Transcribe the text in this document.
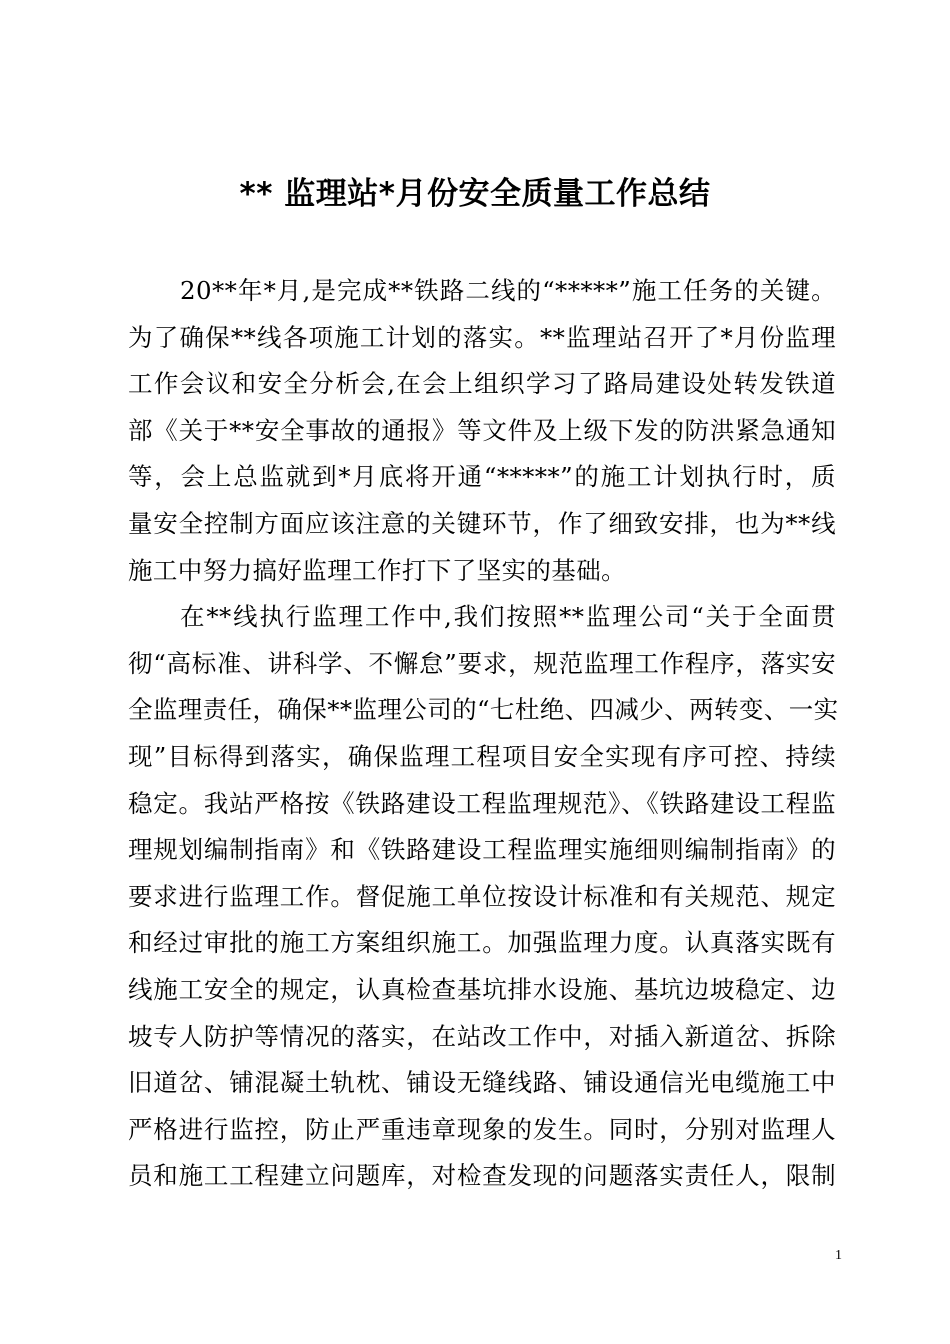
** 监理站*月份安全质量工作总结
20**年*月,是完成**铁路二线的“*****”施工任务的关键。
为了确保**线各项施工计划的落实。**监理站召开了*月份监理
工作会议和安全分析会,在会上组织学习了路局建设处转发铁道
部《关于**安全事故的通报》等文件及上级下发的防洪紧急通知
等，会上总监就到*月底将开通“*****”的施工计划执行时，质
量安全控制方面应该注意的关键环节，作了细致安排，也为**线
施工中努力搞好监理工作打下了坚实的基础。
在**线执行监理工作中,我们按照**监理公司“关于全面贯
彻“高标准、讲科学、不懈怠”要求，规范监理工作程序，落实安
全监理责任，确保**监理公司的“七杜绝、四减少、两转变、一实
现”目标得到落实，确保监理工程项目安全实现有序可控、持续
稳定。我站严格按《铁路建设工程监理规范》、《铁路建设工程监
理规划编制指南》和《铁路建设工程监理实施细则编制指南》的
要求进行监理工作。督促施工单位按设计标准和有关规范、规定
和经过审批的施工方案组织施工。加强监理力度。认真落实既有
线施工安全的规定，认真检查基坑排水设施、基坑边坡稳定、边
坡专人防护等情况的落实，在站改工作中，对插入新道岔、拆除
旧道岔、铺混凝土轨枕、铺设无缝线路、铺设通信光电缆施工中
严格进行监控，防止严重违章现象的发生。同时，分别对监理人
员和施工工程建立问题库，对检查发现的问题落实责任人，限制
1
